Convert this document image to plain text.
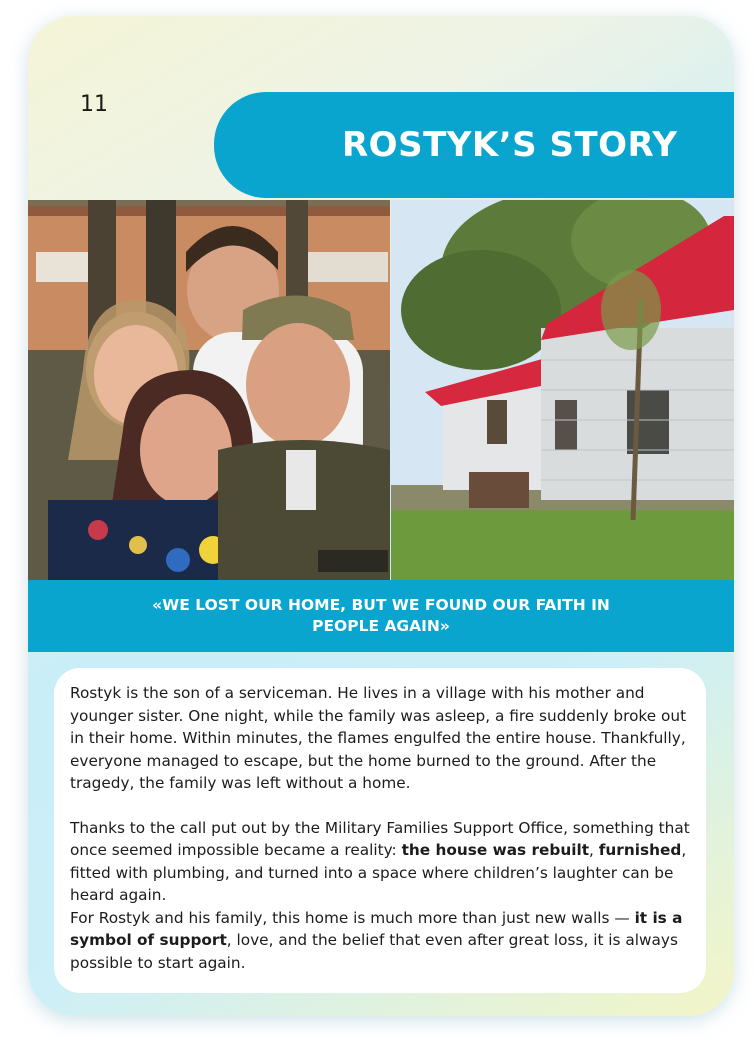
11
ROSTYK’S STORY
«WE LOST OUR HOME, BUT WE FOUND OUR FAITH IN PEOPLE AGAIN»

Rostyk is the son of a serviceman. He lives in a village with his mother and younger sister. One night, while the family was asleep, a fire suddenly broke out in their home. Within minutes, the flames engulfed the entire house. Thankfully, everyone managed to escape, but the home burned to the ground. After the tragedy, the family was left without a home.

Thanks to the call put out by the Military Families Support Office, something that once seemed impossible became a reality: the house was rebuilt, furnished, fitted with plumbing, and turned into a space where children’s laughter can be heard again.

For Rostyk and his family, this home is much more than just new walls — it is a symbol of support, love, and the belief that even after great loss, it is always possible to start again.
